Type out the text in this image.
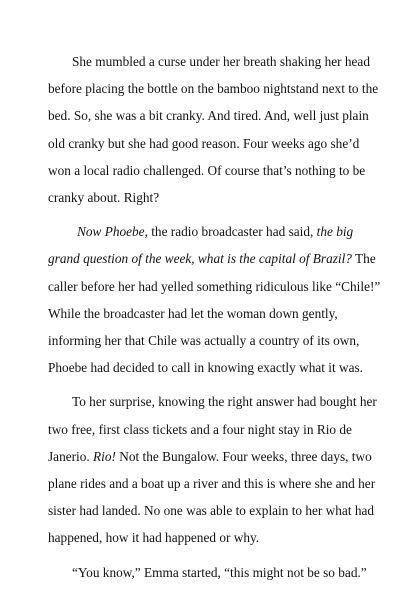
She mumbled a curse under her breath shaking her head before placing the bottle on the bamboo nightstand next to the bed. So, she was a bit cranky. And tired. And, well just plain old cranky but she had good reason. Four weeks ago she’d won a local radio challenged. Of course that’s nothing to be cranky about. Right?

Now Phoebe, the radio broadcaster had said, the big grand question of the week, what is the capital of Brazil? The caller before her had yelled something ridiculous like “Chile!” While the broadcaster had let the woman down gently, informing her that Chile was actually a country of its own, Phoebe had decided to call in knowing exactly what it was.

To her surprise, knowing the right answer had bought her two free, first class tickets and a four night stay in Rio de Janerio. Rio! Not the Bungalow. Four weeks, three days, two plane rides and a boat up a river and this is where she and her sister had landed. No one was able to explain to her what had happened, how it had happened or why.

“You know,” Emma started, “this might not be so bad.”
